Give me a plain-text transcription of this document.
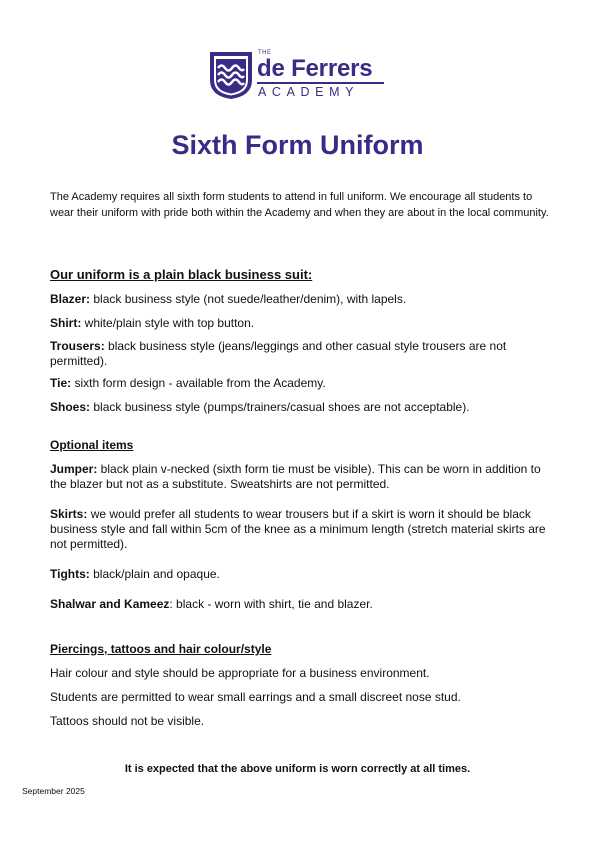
THE
de Ferrers
ACADEMY
Sixth Form Uniform

The Academy requires all sixth form students to attend in full uniform. We encourage all students to wear their uniform with pride both within the Academy and when they are about in the local community.

Our uniform is a plain black business suit:

Blazer: black business style (not suede/leather/denim), with lapels.

Shirt: white/plain style with top button.

Trousers: black business style (jeans/leggings and other casual style trousers are not permitted).

Tie: sixth form design - available from the Academy.

Shoes: black business style (pumps/trainers/casual shoes are not acceptable).

Optional items

Jumper: black plain v-necked (sixth form tie must be visible). This can be worn in addition to the blazer but not as a substitute. Sweatshirts are not permitted.

Skirts: we would prefer all students to wear trousers but if a skirt is worn it should be black business style and fall within 5cm of the knee as a minimum length (stretch material skirts are not permitted).

Tights: black/plain and opaque.

Shalwar and Kameez: black - worn with shirt, tie and blazer.

Piercings, tattoos and hair colour/style

Hair colour and style should be appropriate for a business environment.

Students are permitted to wear small earrings and a small discreet nose stud.

Tattoos should not be visible.

It is expected that the above uniform is worn correctly at all times.

September 2025
